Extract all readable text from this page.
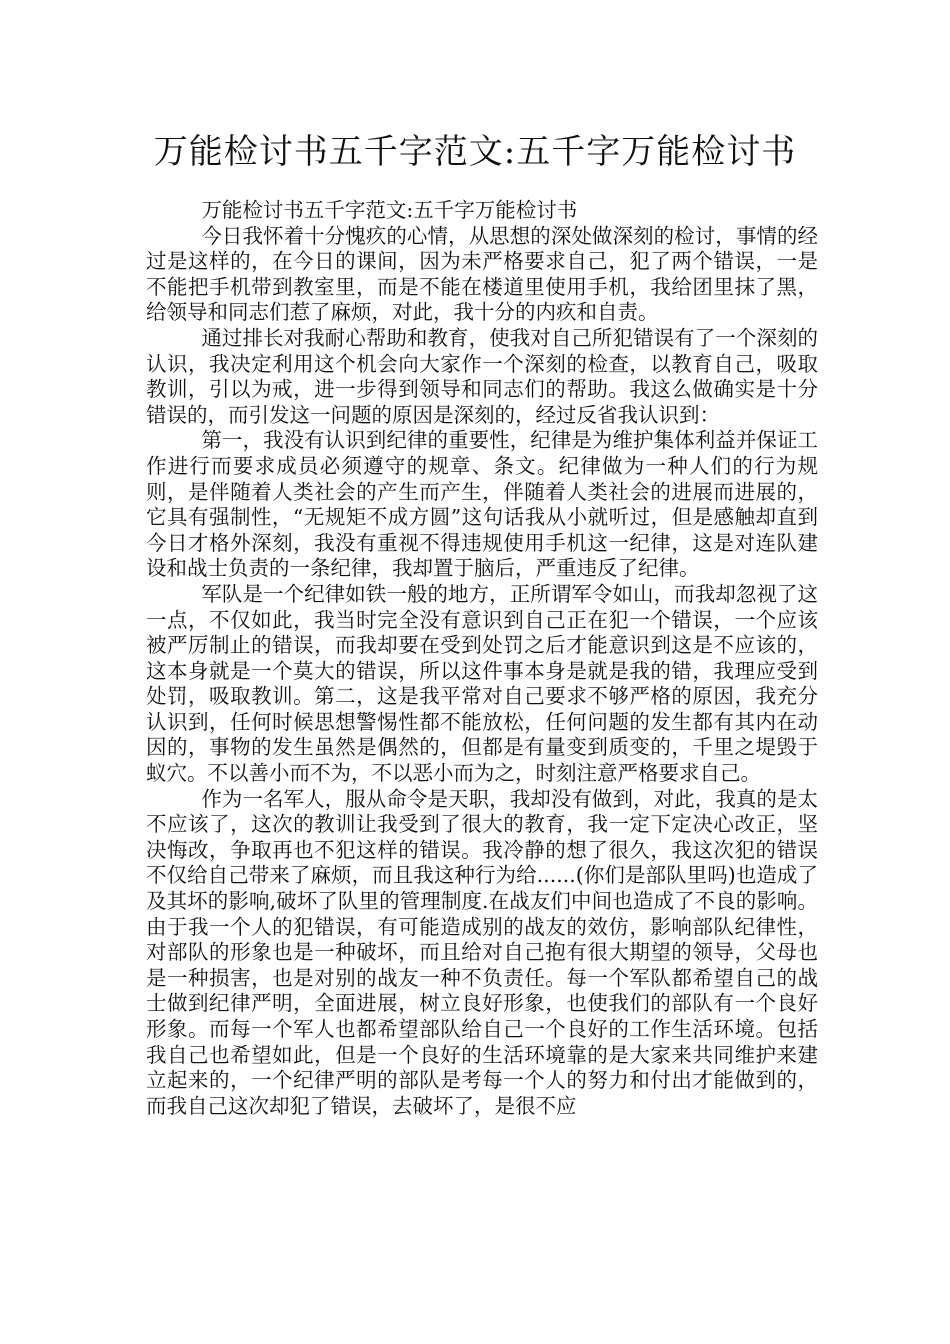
万能检讨书五千字范文:五千字万能检讨书

万能检讨书五千字范文:五千字万能检讨书

今日我怀着十分愧疚的心情，从思想的深处做深刻的检讨，事情的经过是这样的，在今日的课间，因为未严格要求自己，犯了两个错误，一是不能把手机带到教室里，而是不能在楼道里使用手机，我给团里抹了黑，给领导和同志们惹了麻烦，对此，我十分的内疚和自责。

通过排长对我耐心帮助和教育，使我对自己所犯错误有了一个深刻的认识，我决定利用这个机会向大家作一个深刻的检查，以教育自己，吸取教训，引以为戒，进一步得到领导和同志们的帮助。我这么做确实是十分错误的，而引发这一问题的原因是深刻的，经过反省我认识到：

第一，我没有认识到纪律的重要性，纪律是为维护集体利益并保证工作进行而要求成员必须遵守的规章、条文。纪律做为一种人们的行为规则，是伴随着人类社会的产生而产生，伴随着人类社会的进展而进展的，它具有强制性，“无规矩不成方圆”这句话我从小就听过，但是感触却直到今日才格外深刻，我没有重视不得违规使用手机这一纪律，这是对连队建设和战士负责的一条纪律，我却置于脑后，严重违反了纪律。

军队是一个纪律如铁一般的地方，正所谓军令如山，而我却忽视了这一点，不仅如此，我当时完全没有意识到自己正在犯一个错误，一个应该被严厉制止的错误，而我却要在受到处罚之后才能意识到这是不应该的，这本身就是一个莫大的错误，所以这件事本身是就是我的错，我理应受到处罚，吸取教训。第二，这是我平常对自己要求不够严格的原因，我充分认识到，任何时候思想警惕性都不能放松，任何问题的发生都有其内在动因的，事物的发生虽然是偶然的，但都是有量变到质变的，千里之堤毁于蚁穴。不以善小而不为，不以恶小而为之，时刻注意严格要求自己。

作为一名军人，服从命令是天职，我却没有做到，对此，我真的是太不应该了，这次的教训让我受到了很大的教育，我一定下定决心改正，坚决悔改，争取再也不犯这样的错误。我冷静的想了很久，我这次犯的错误不仅给自己带来了麻烦，而且我这种行为给......(你们是部队里吗)也造成了及其坏的影响,破坏了队里的管理制度.在战友们中间也造成了不良的影响。由于我一个人的犯错误，有可能造成别的战友的效仿，影响部队纪律性，对部队的形象也是一种破坏，而且给对自己抱有很大期望的领导，父母也是一种损害，也是对别的战友一种不负责任。每一个军队都希望自己的战士做到纪律严明，全面进展，树立良好形象，也使我们的部队有一个良好形象。而每一个军人也都希望部队给自己一个良好的工作生活环境。包括我自己也希望如此，但是一个良好的生活环境靠的是大家来共同维护来建立起来的，一个纪律严明的部队是考每一个人的努力和付出才能做到的，而我自己这次却犯了错误，去破坏了，是很不应
